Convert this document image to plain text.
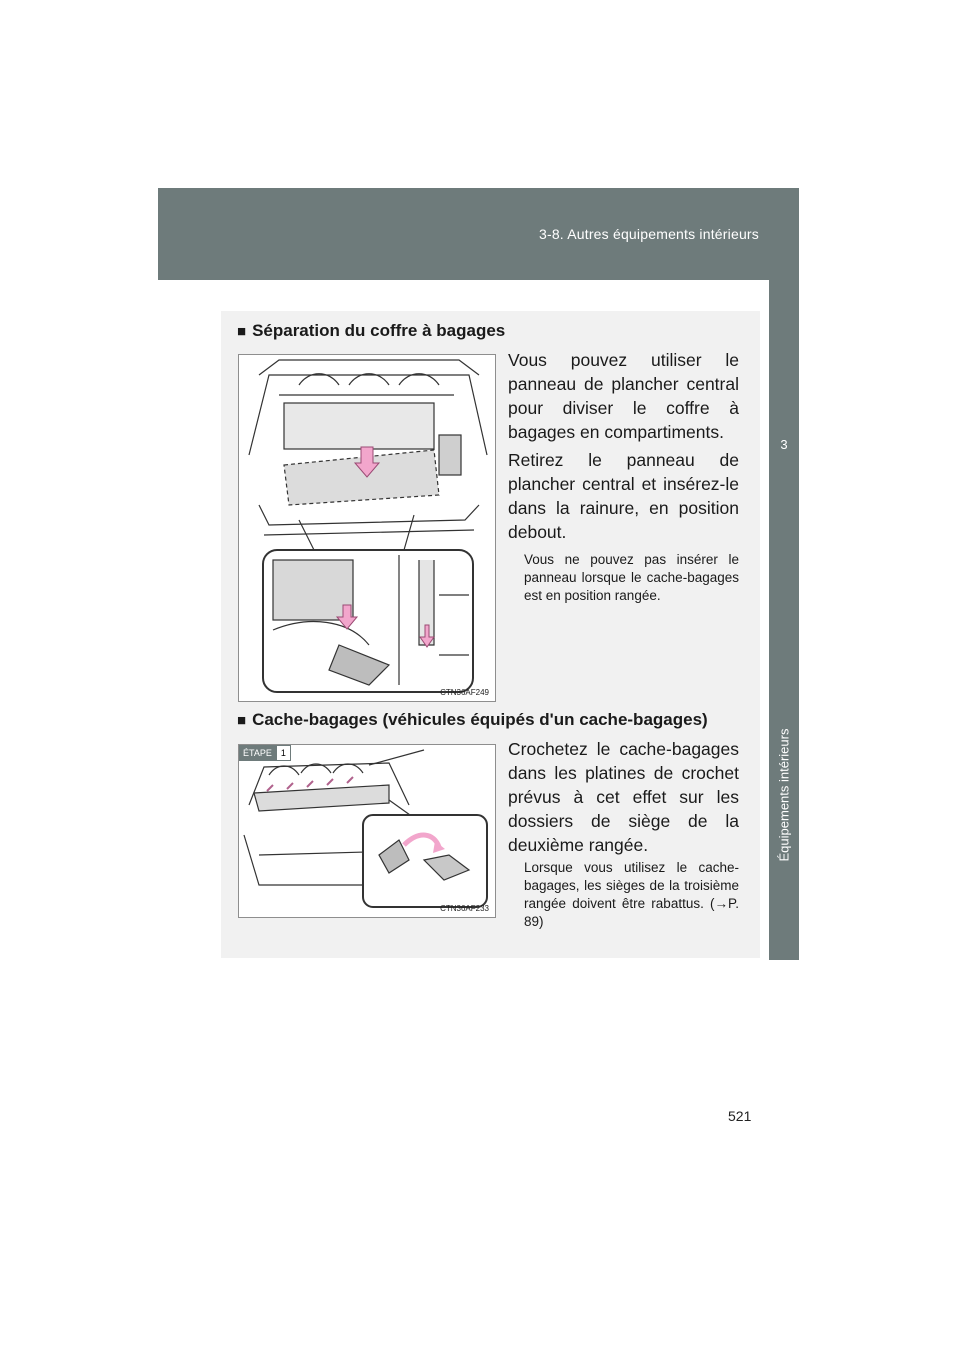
3-8. Autres équipements intérieurs
3
Équipements intérieurs
■ Séparation du coffre à bagages
CTN36AF249

Vous pouvez utiliser le panneau de plancher central pour diviser le coffre à bagages en compartiments.

Retirez le panneau de plancher central et insérez-le dans la rainure, en position debout.

Vous ne pouvez pas insérer le panneau lorsque le cache-bagages est en position rangée.

■ Cache-bagages (véhicules équipés d'un cache-bagages)
ÉTAPE	1
CTN36AF233

Crochetez le cache-bagages dans les platines de crochet prévus à cet effet sur les dossiers de siège de la deuxième rangée.

Lorsque vous utilisez le cache-bagages, les sièges de la troisième rangée doivent être rabattus. (→P. 89)

521
